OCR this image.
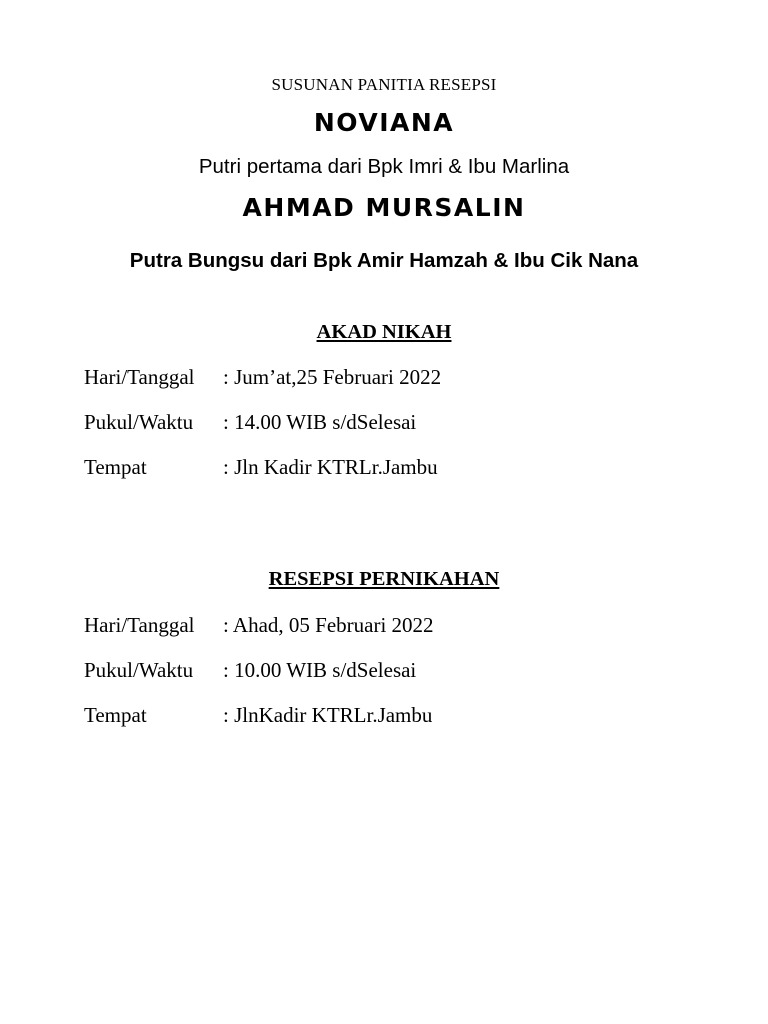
SUSUNAN PANITIA RESEPSI
NOVIANA
Putri pertama dari Bpk Imri & Ibu Marlina
AHMAD MURSALIN
Putra Bungsu dari Bpk Amir Hamzah & Ibu Cik Nana
AKAD NIKAH
Hari/Tanggal : Jum’at,25 Februari 2022
Pukul/Waktu : 14.00 WIB s/dSelesai
Tempat	: Jln Kadir KTRLr.Jambu
RESEPSI PERNIKAHAN
Hari/Tanggal : Ahad, 05 Februari 2022
Pukul/Waktu : 10.00 WIB s/dSelesai
Tempat	: JlnKadir KTRLr.Jambu
